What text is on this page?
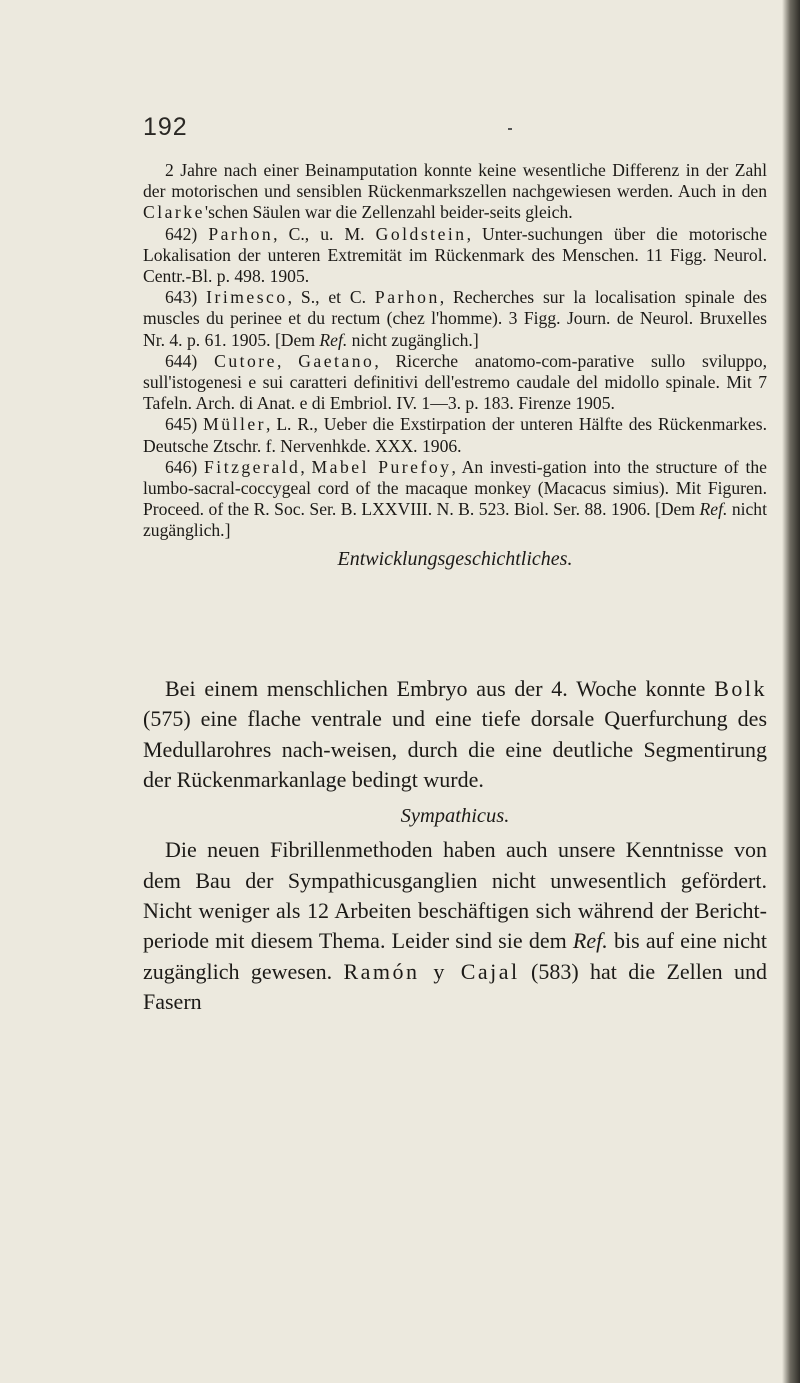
192

2 Jahre nach einer Beinamputation konnte keine wesentliche Differenz in der Zahl der motorischen und sensiblen Rückenmarkszellen nachgewiesen werden. Auch in den Clarke'schen Säulen war die Zellenzahl beider-seits gleich.

642) Parhon, C., u. M. Goldstein, Unter-suchungen über die motorische Lokalisation der unteren Extremität im Rückenmark des Menschen. 11 Figg. Neurol. Centr.-Bl. p. 498. 1905.

643) Irimesco, S., et C. Parhon, Recherches sur la localisation spinale des muscles du perinee et du rectum (chez l'homme). 3 Figg. Journ. de Neurol. Bruxelles Nr. 4. p. 61. 1905. [Dem Ref. nicht zugänglich.]

644) Cutore, Gaetano, Ricerche anatomo-com-parative sullo sviluppo, sull'istogenesi e sui caratteri definitivi dell'estremo caudale del midollo spinale. Mit 7 Tafeln. Arch. di Anat. e di Embriol. IV. 1—3. p. 183. Firenze 1905.

645) Müller, L. R., Ueber die Exstirpation der unteren Hälfte des Rückenmarkes. Deutsche Ztschr. f. Nervenhkde. XXX. 1906.

646) Fitzgerald, Mabel Purefoy, An investi-gation into the structure of the lumbo-sacral-coccygeal cord of the macaque monkey (Macacus simius). Mit Figuren. Proceed. of the R. Soc. Ser. B. LXXVIII. N. B. 523. Biol. Ser. 88. 1906. [Dem Ref. nicht zugänglich.]

Entwicklungsgeschichtliches.

Bei einem menschlichen Embryo aus der 4. Woche konnte Bolk (575) eine flache ventrale und eine tiefe dorsale Querfurchung des Medullarohres nach-weisen, durch die eine deutliche Segmentirung der Rückenmarkanlage bedingt wurde.

Sympathicus.

Die neuen Fibrillenmethoden haben auch unsere Kenntnisse von dem Bau der Sympathicusganglien nicht unwesentlich gefördert. Nicht weniger als 12 Arbeiten beschäftigen sich während der Bericht-periode mit diesem Thema. Leider sind sie dem Ref. bis auf eine nicht zugänglich gewesen. Ramón y Cajal (583) hat die Zellen und Fasern
